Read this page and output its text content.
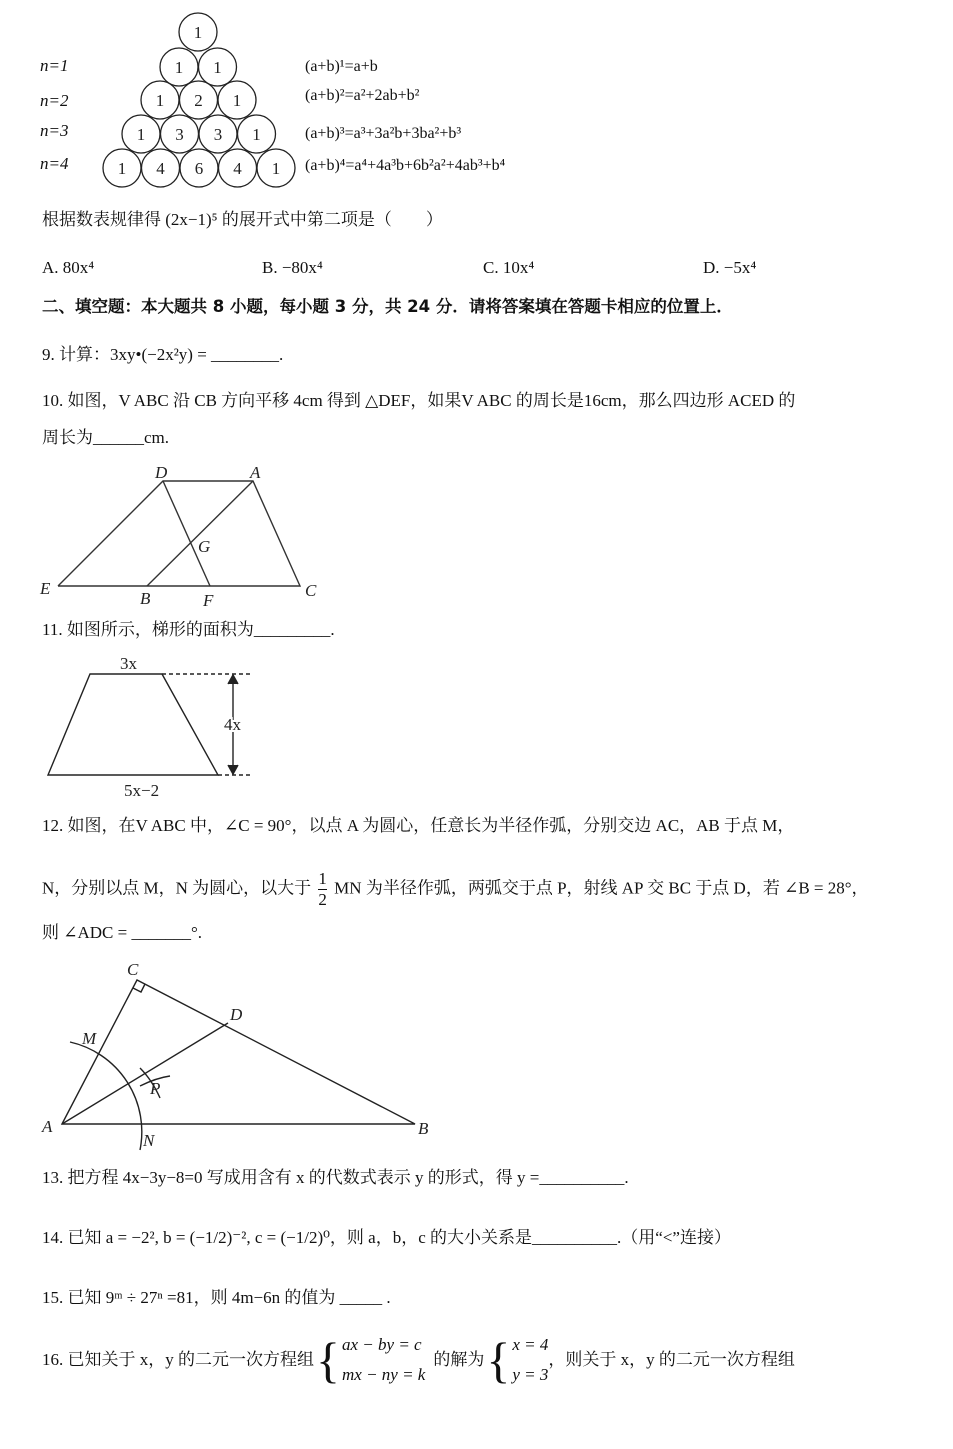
1
1 1
1 2 1
1 3 3 1
1 4 6 4 1
D	A
G
E
B	F
C
3x
4x
5x−2
C
D
M
P
A
N
B
n=1
n=2
n=3
n=4
(a+b)¹=a+b
(a+b)²=a²+2ab+b²
(a+b)³=a³+3a²b+3ba²+b³
(a+b)⁴=a⁴+4a³b+6b²a²+4ab³+b⁴
根据数表规律得 (2x−1)⁵ 的展开式中第二项是（　　）
A. 80x⁴	B. −80x⁴	C. 10x⁴	D. −5x⁴
二、填空题：本大题共 8 小题，每小题 3 分，共 24 分．请将答案填在答题卡相应的位置上．
9. 计算：3xy•(−2x²y) = ________.
10. 如图，V ABC 沿 CB 方向平移 4cm 得到 △DEF，如果V ABC 的周长是16cm，那么四边形 ACED 的
周长为______cm.
11. 如图所示，梯形的面积为_________.
12. 如图，在V ABC 中，∠C = 90°，以点 A 为圆心，任意长为半径作弧，分别交边 AC，AB 于点 M，
N，分别以点 M，N 为圆心，以大于 $\frac{1}{2}$ MN 为半径作弧，两弧交于点 P，射线 AP 交 BC 于点 D，若 ∠B = 28°，
则 ∠ADC = _______°.
13. 把方程 4x−3y−8=0 写成用含有 x 的代数式表示 y 的形式，得 y =__________.
14. 已知 a = −2², b = (−1/2)⁻², c = (−1/2)⁰，则 a，b，c 的大小关系是__________.（用“<”连接）
15. 已知 9ᵐ ÷ 27ⁿ =81，则 4m−6n 的值为 _____ .
16. 已知关于 x，y 的二元一次方程组 { ax − by = c
mx − ny = k
的解为 { x = 4
y = 3
，则关于 x，y 的二元一次方程组
